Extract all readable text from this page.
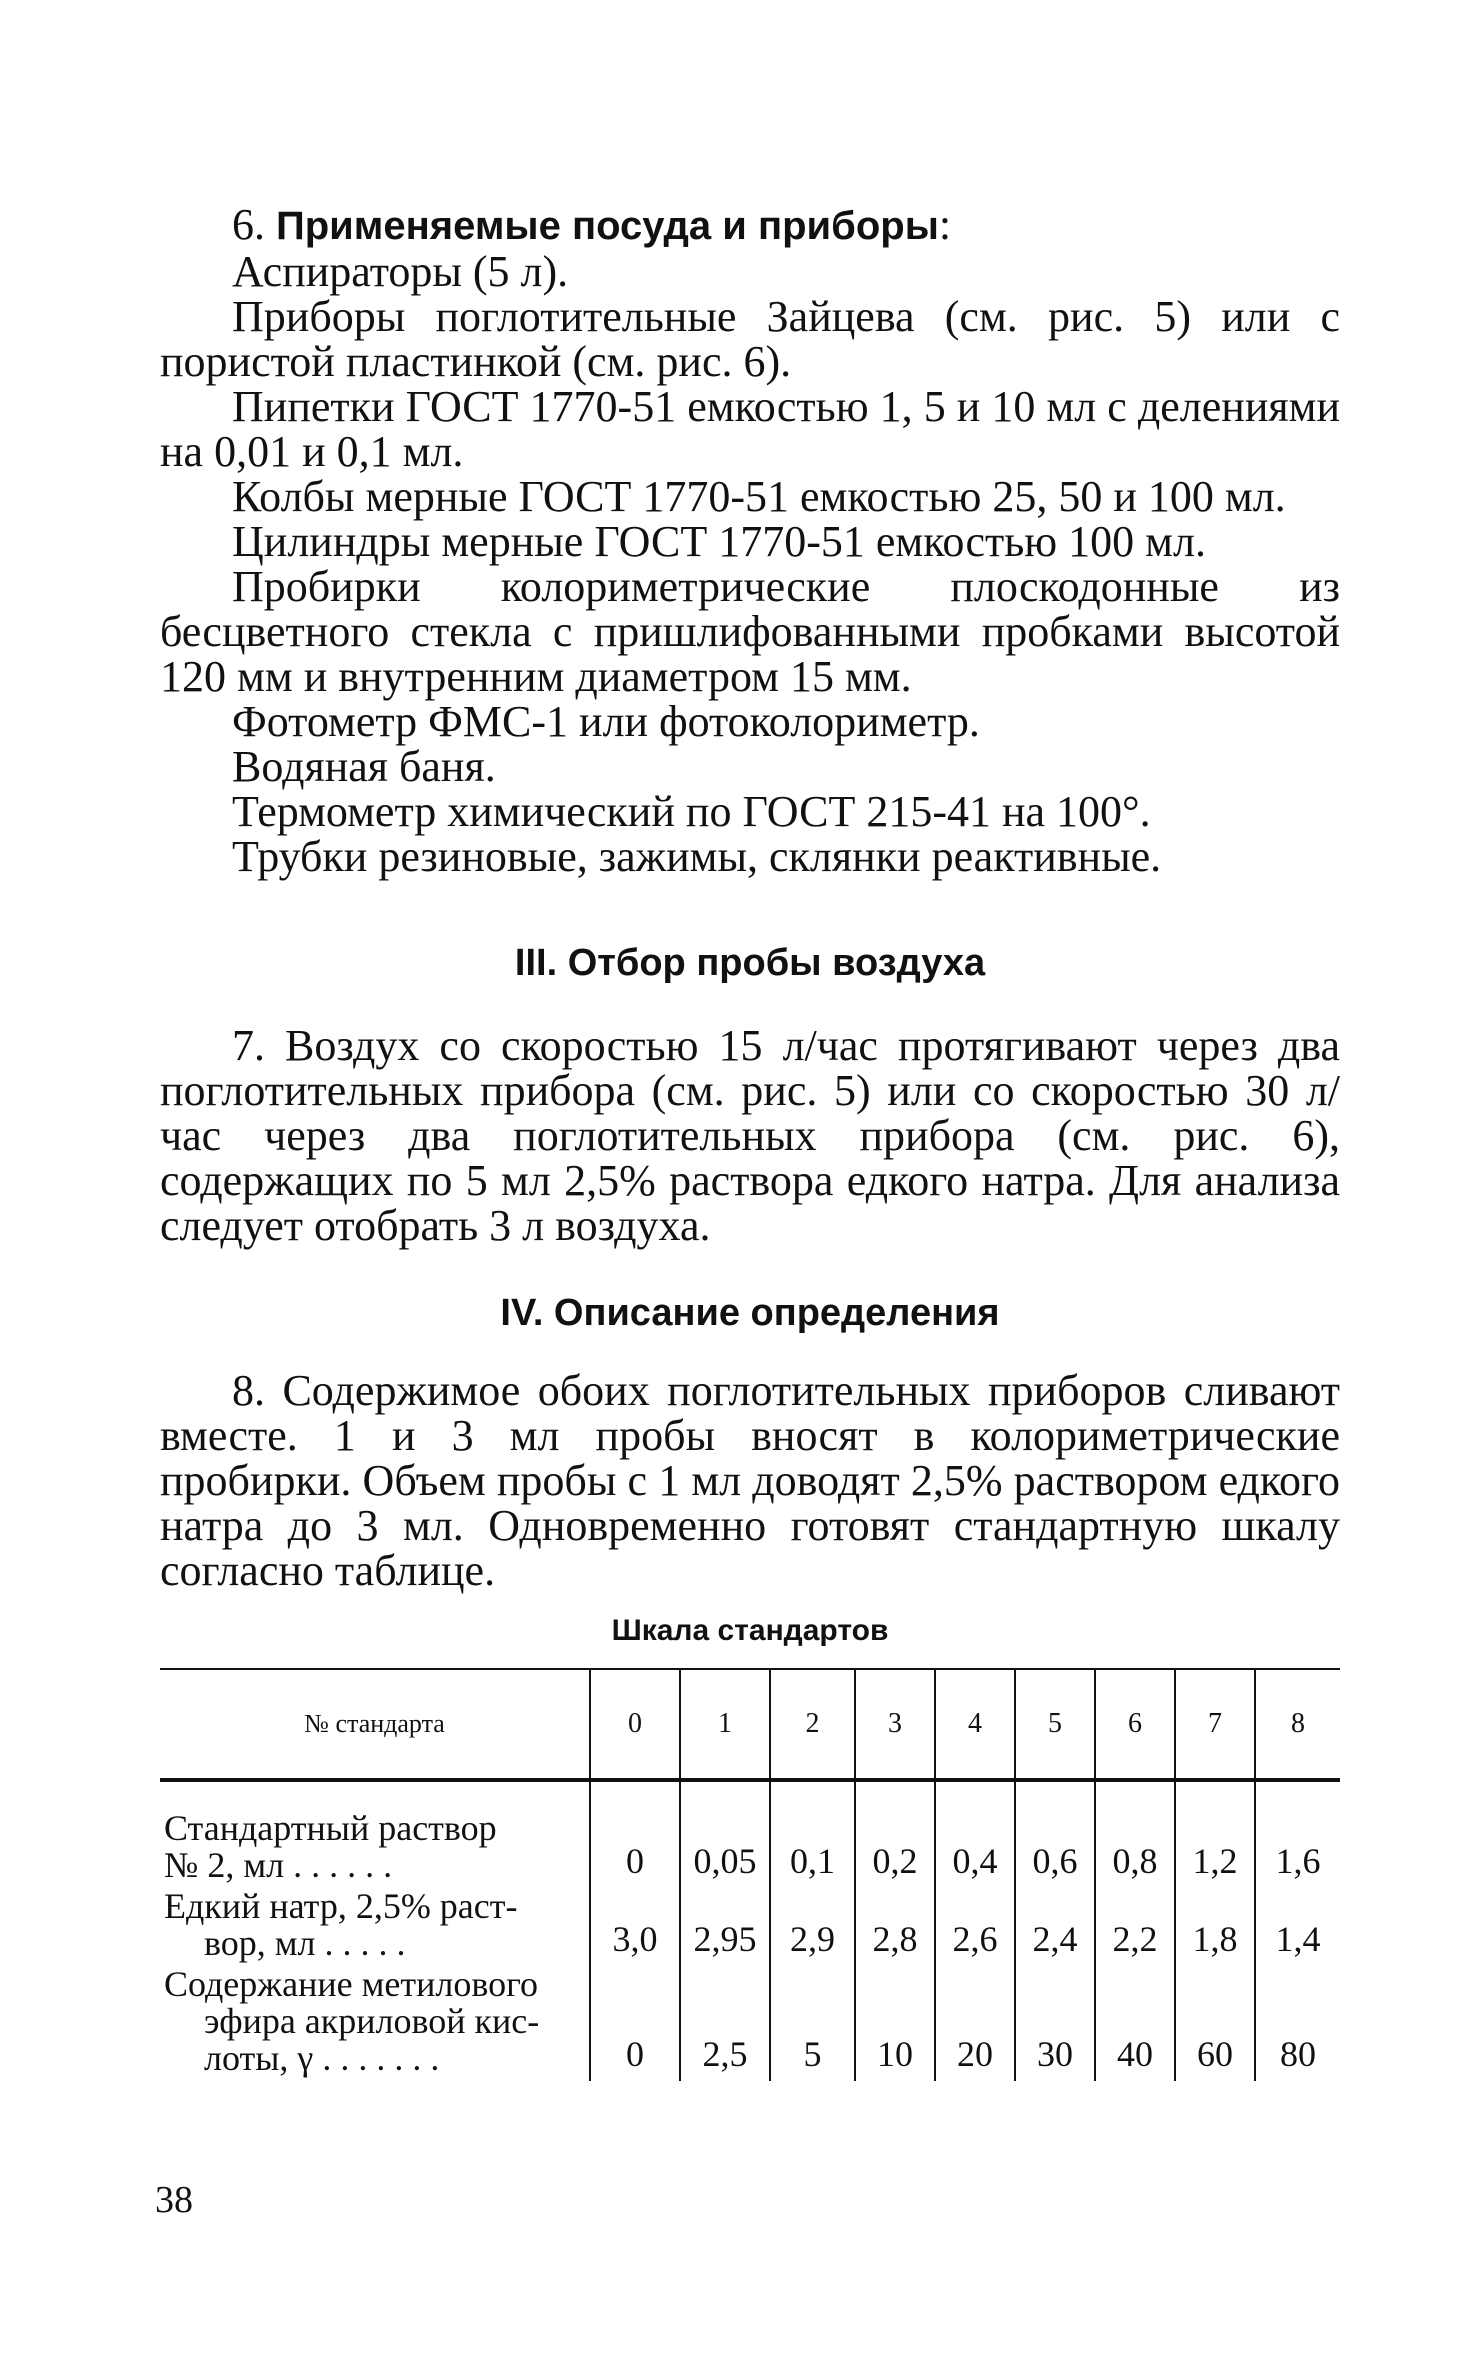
6. Применяемые посуда и приборы:

Аспираторы (5 л).

Приборы поглотительные Зайцева (см. рис. 5) или с пористой пластинкой (см. рис. 6).

Пипетки ГОСТ 1770-51 емкостью 1, 5 и 10 мл с делениями на 0,01 и 0,1 мл.

Колбы мерные ГОСТ 1770-51 емкостью 25, 50 и 100 мл.

Цилиндры мерные ГОСТ 1770-51 емкостью 100 мл.

Пробирки колориметрические плоскодонные из бесцветного стекла с пришлифованными пробками высотой 120 мм и внутренним диаметром 15 мм.

Фотометр ФМС-1 или фотоколориметр.

Водяная баня.

Термометр химический по ГОСТ 215-41 на 100°.

Трубки резиновые, зажимы, склянки реактивные.

III. Отбор пробы воздуха

7. Воздух со скоростью 15 л/час протягивают через два поглотительных прибора (см. рис. 5) или со скоростью 30 л/час через два поглотительных прибора (см. рис. 6), содержащих по 5 мл 2,5% раствора едкого натра. Для анализа следует отобрать 3 л воздуха.

IV. Описание определения

8. Содержимое обоих поглотительных приборов сливают вместе. 1 и 3 мл пробы вносят в колориметрические пробирки. Объем пробы с 1 мл доводят 2,5% раствором едкого натра до 3 мл. Одновременно готовят стандартную шкалу согласно таблице.

Шкала стандартов
№ стандарта	0	1	2	3	4	5	6	7	8

Стандартный раствор
№ 2, мл . . . . . .	0	0,05	0,1	0,2	0,4	0,6	0,8	1,2	1,6

Едкий натр, 2,5% раст-
вор, мл . . . . .	3,0	2,95	2,9	2,8	2,6	2,4	2,2	1,8	1,4

Содержание метилового
эфира акриловой кис-
лоты, γ . . . . . . .	0	2,5	5	10	20	30	40	60	80
38
